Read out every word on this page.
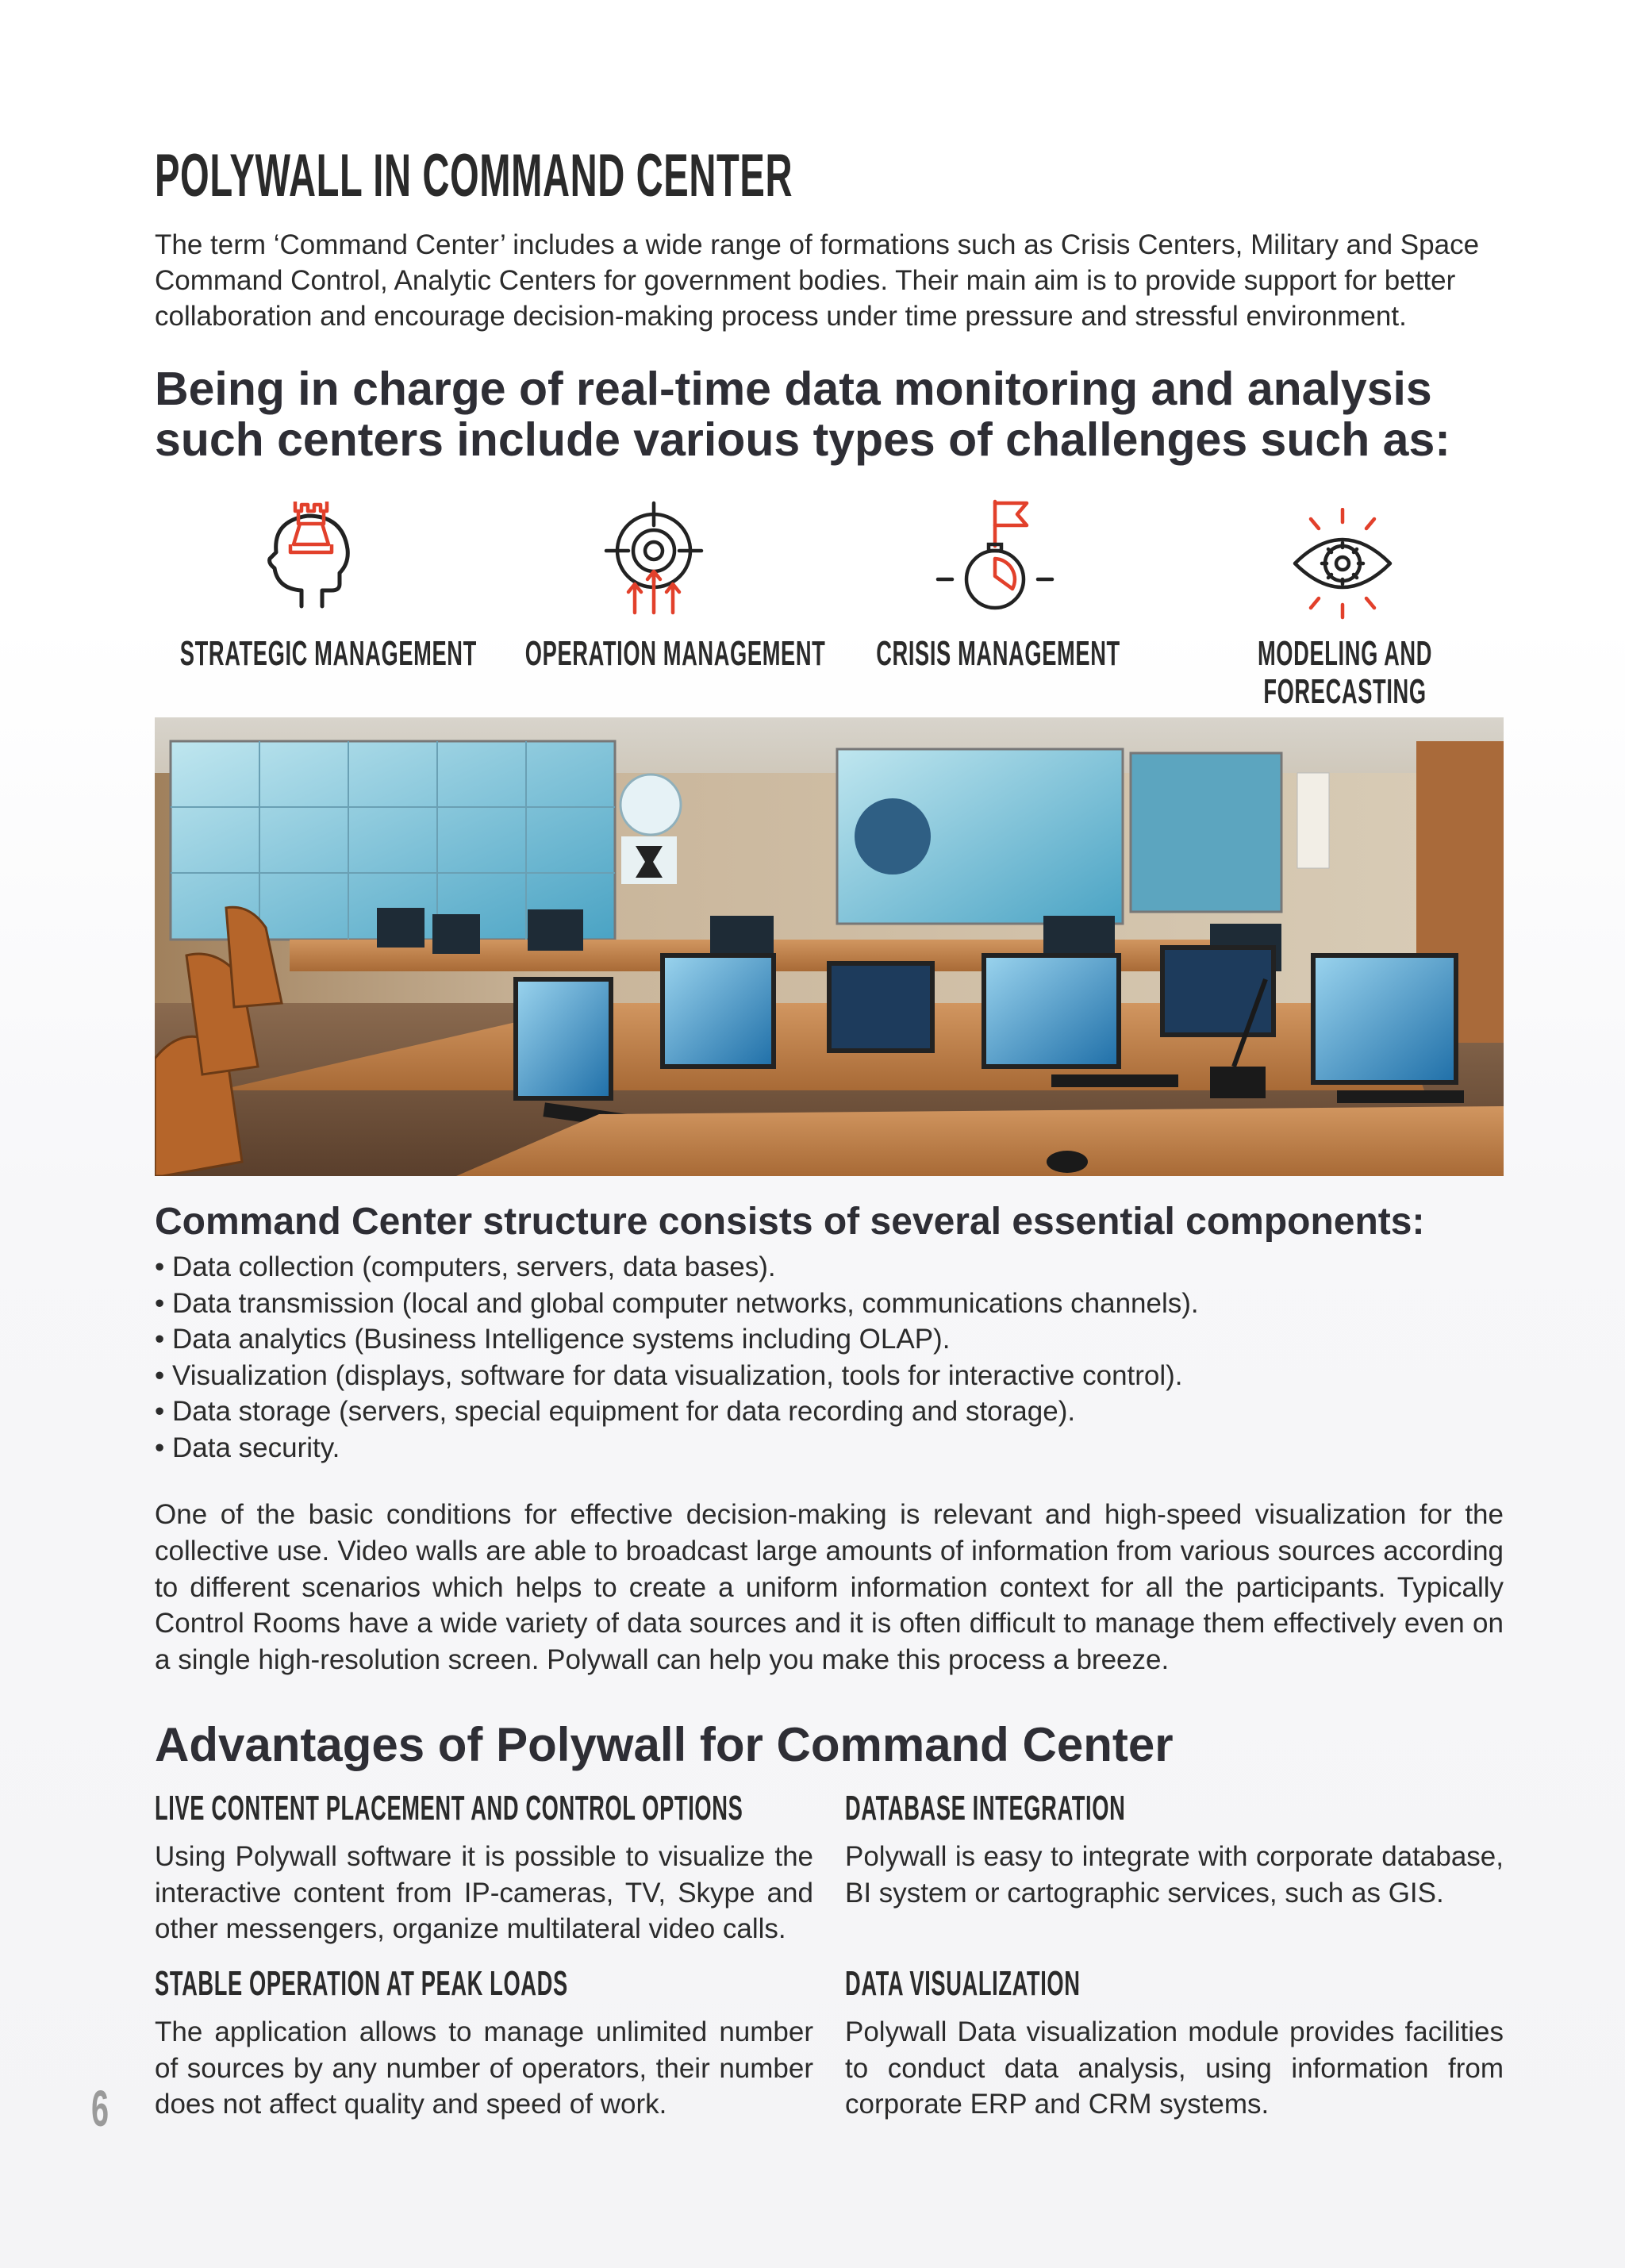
POLYWALL IN COMMAND CENTER
The term ‘Command Center’ includes a wide range of formations such as Crisis Centers, Military and Space Command Control, Analytic Centers for government bodies. Their main aim is to provide support for better collaboration and encourage decision-making process under time pressure and stressful environment.
Being in charge of real-time data monitoring and analysis such centers include various types of challenges such as:
STRATEGIC MANAGEMENT OPERATION MANAGEMENT CRISIS MANAGEMENT	MODELING AND
FORECASTING
Command Center structure consists of several essential components:
• Data collection (computers, servers, data bases).
• Data transmission (local and global computer networks, communications channels).
• Data analytics (Business Intelligence systems including OLAP).
• Visualization (displays, software for data visualization, tools for interactive control).
• Data storage (servers, special equipment for data recording and storage).
• Data security.
One of the basic conditions for effective decision-making is relevant and high-speed visualization for the collective use. Video walls are able to broadcast large amounts of information from various sources according to different scenarios which helps to create a uniform information context for all the participants. Typically Control Rooms have a wide variety of data sources and it is often difficult to manage them effectively even on a single high-resolution screen. Polywall can help you make this process a breeze.
Advantages of Polywall for Command Center
LIVE CONTENT PLACEMENT AND CONTROL OPTIONS
Using Polywall software it is possible to visualize the interactive content from IP-cameras, TV, Skype and other messengers, organize multilateral video calls.
DATABASE INTEGRATION
Polywall is easy to integrate with corporate database, BI system or cartographic services, such as GIS.
STABLE OPERATION AT PEAK LOADS
The application allows to manage unlimited number of sources by any number of operators, their number does not affect quality and speed of work.
DATA VISUALIZATION
Polywall Data visualization module provides facilities to conduct data analysis, using information from corporate ERP and CRM systems.
6
